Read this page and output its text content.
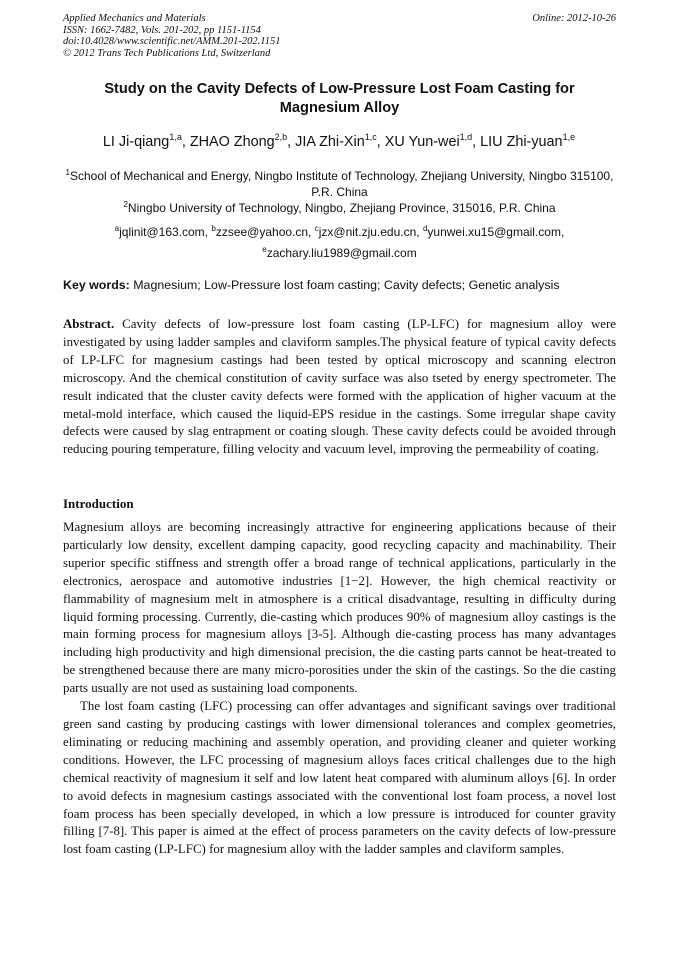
Applied Mechanics and Materials
ISSN: 1662-7482, Vols. 201-202, pp 1151-1154
doi:10.4028/www.scientific.net/AMM.201-202.1151
© 2012 Trans Tech Publications Ltd, Switzerland
Online: 2012-10-26
Study on the Cavity Defects of Low-Pressure Lost Foam Casting for Magnesium Alloy
LI Ji-qiang$^{1,a}$, ZHAO Zhong$^{2,b}$, JIA Zhi-Xin$^{1,c}$, XU Yun-wei$^{1,d}$, LIU Zhi-yuan$^{1,e}$
$^1$School of Mechanical and Energy, Ningbo Institute of Technology, Zhejiang University, Ningbo 315100, P.R. China
$^2$Ningbo University of Technology, Ningbo, Zhejiang Province, 315016, P.R. China
$^a$jqlinit@163.com, $^b$zzsee@yahoo.cn, $^c$jzx@nit.zju.edu.cn, $^d$yunwei.xu15@gmail.com,
$^e$zachary.liu1989@gmail.com
Key words: Magnesium; Low-Pressure lost foam casting; Cavity defects; Genetic analysis
Abstract. Cavity defects of low-pressure lost foam casting (LP-LFC) for magnesium alloy were investigated by using ladder samples and claviform samples.The physical feature of typical cavity defects of LP-LFC for magnesium castings had been tested by optical microscopy and scanning electron microscopy. And the chemical constitution of cavity surface was also tseted by energy spectrometer. The result indicated that the cluster cavity defects were formed with the application of higher vacuum at the metal-mold interface, which caused the liquid-EPS residue in the castings. Some irregular shape cavity defects were caused by slag entrapment or coating slough. These cavity defects could be avoided through reducing pouring temperature, filling velocity and vacuum level, improving the permeability of coating.
Introduction

Magnesium alloys are becoming increasingly attractive for engineering applications because of their particularly low density, excellent damping capacity, good recycling capacity and machinability. Their superior specific stiffness and strength offer a broad range of technical applications, particularly in the electronics, aerospace and automotive industries [1−2]. However, the high chemical reactivity or flammability of magnesium melt in atmosphere is a critical disadvantage, resulting in difficulty during liquid forming processing. Currently, die-casting which produces 90% of magnesium alloy castings is the main forming process for magnesium alloys [3-5]. Although die-casting process has many advantages including high productivity and high dimensional precision, the die casting parts cannot be heat-treated to be strengthened because there are many micro-porosities under the skin of the castings. So the die casting parts usually are not used as sustaining load components.

The lost foam casting (LFC) processing can offer advantages and significant savings over traditional green sand casting by producing castings with lower dimensional tolerances and complex geometries, eliminating or reducing machining and assembly operation, and providing cleaner and quieter working conditions. However, the LFC processing of magnesium alloys faces critical challenges due to the high chemical reactivity of magnesium it self and low latent heat compared with aluminum alloys [6]. In order to avoid defects in magnesium castings associated with the conventional lost foam process, a novel lost foam process has been specially developed, in which a low pressure is introduced for counter gravity filling [7-8]. This paper is aimed at the effect of process parameters on the cavity defects of low-pressure lost foam casting (LP-LFC) for magnesium alloy with the ladder samples and claviform samples.
